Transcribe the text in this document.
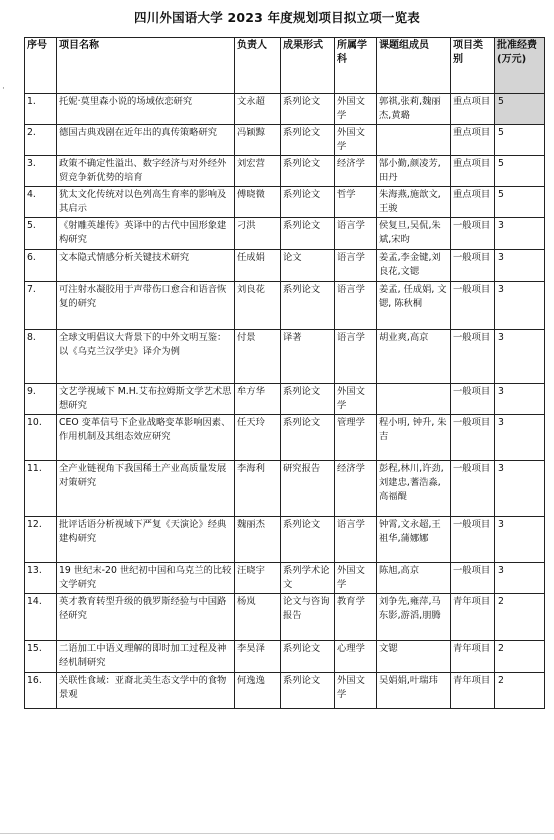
四川外国语大学 2023 年度规划项目拟立项一览表
·
序号	项目名称	负责人	成果形式	所属学科	课题组成员	项目类别	批准经费(万元)
1.	托妮·莫里森小说的场域依恋研究	文永超	系列论文	外国文学	郭祺,张莉,魏丽杰,黄璐	重点项目	5
2.	德国古典戏剧在近年出的真传策略研究	冯颖黥	系列论文	外国文学		重点项目	5
3.	政策不确定性溢出、数字经济与对外经外贸竞争新优势的培育	刘宏营	系列论文	经济学	郜小勤,颜凌芳,田丹	重点项目	5
4.	犹太文化传统对以色列高生育率的影响及其启示	傅晓微	系列论文	哲学	朱海燕,施歆文,王骏	重点项目	5
5.	《射雕英雄传》英译中的古代中国形象建构研究	刁洪	系列论文	语言学	侯复旦,吴侃,朱斌,宋昀	一般项目	3
6.	文本隐式情感分析关键技术研究	任成娟	论文	语言学	姜孟,李金键,刘良花,文锶	一般项目	3
7.	可注射水凝胶用于声带伤口愈合和语音恢复的研究	刘良花	系列论文	语言学	姜孟, 任成娟, 文锶, 陈秋桐	一般项目	3
8.	全球文明倡议大背景下的中外文明互鉴：以《乌克兰汉学史》译介为例	付景	译著	语言学	胡业爽,高京	一般项目	3
9.	文艺学视域下 M.H.艾布拉姆斯文学艺术思想研究	牟方华	系列论文	外国文学		一般项目	3
10.	CEO 变革信号下企业战略变革影响因素、作用机制及其组态效应研究	任天玲	系列论文	管理学	程小明, 钟升, 朱吉	一般项目	3
11.	全产业链视角下我国稀土产业高质量发展对策研究	李海利	研究报告	经济学	彭程,林川,许劲,刘建忠,蓍浩淼,高福醍	一般项目	3
12.	批评话语分析视域下严复《天演论》经典建构研究	魏丽杰	系列论文	语言学	钟霄,文永超,王祖华,蒲娜娜	一般项目	3
13.	19 世纪末-20 世纪初中国和乌克兰的比较文学研究	汪晓宇	系列学术论文	外国文学	陈旭,高京	一般项目	3
14.	英才教育转型升级的俄罗斯经验与中国路径研究	杨岚	论文与咨询报告	教育学	刘争先,雍萍,马东影,游滔,朋腾	青年项目	2
15.	二语加工中语义理解的即时加工过程及神经机制研究	李昊泽	系列论文	心理学	文锶	青年项目	2
16.	关联性食域：亚裔北美生态文学中的食物景观	何逸逸	系列论文	外国文学	吴娟娟,叶瑞玮	青年项目	2
